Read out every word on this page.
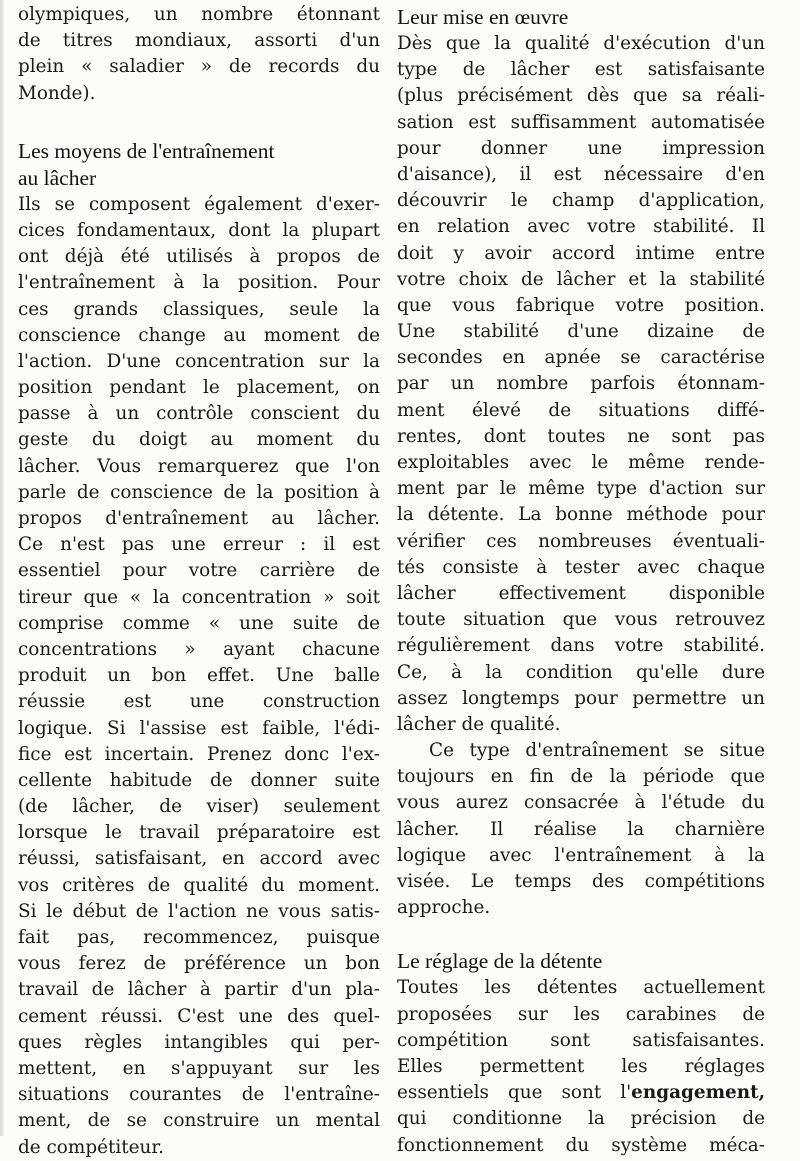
olympiques, un nombre étonnant
de titres mondiaux, assorti d'un
plein « saladier » de records du
Monde).
Les moyens de l'entraînement
au lâcher
Ils se composent également d'exer-
cices fondamentaux, dont la plupart
ont déjà été utilisés à propos de
l'entraînement à la position. Pour
ces grands classiques, seule la
conscience change au moment de
l'action. D'une concentration sur la
position pendant le placement, on
passe à un contrôle conscient du
geste du doigt au moment du
lâcher. Vous remarquerez que l'on
parle de conscience de la position à
propos d'entraînement au lâcher.
Ce n'est pas une erreur : il est
essentiel pour votre carrière de
tireur que « la concentration » soit
comprise comme « une suite de
concentrations » ayant chacune
produit un bon effet. Une balle
réussie est une construction
logique. Si l'assise est faible, l'édi-
fice est incertain. Prenez donc l'ex-
cellente habitude de donner suite
(de lâcher, de viser) seulement
lorsque le travail préparatoire est
réussi, satisfaisant, en accord avec
vos critères de qualité du moment.
Si le début de l'action ne vous satis-
fait pas, recommencez, puisque
vous ferez de préférence un bon
travail de lâcher à partir d'un pla-
cement réussi. C'est une des quel-
ques règles intangibles qui per-
mettent, en s'appuyant sur les
situations courantes de l'entraîne-
ment, de se construire un mental
de compétiteur.
Leur mise en œuvre
Dès que la qualité d'exécution d'un
type de lâcher est satisfaisante
(plus précisément dès que sa réali-
sation est suffisamment automatisée
pour donner une impression
d'aisance), il est nécessaire d'en
découvrir le champ d'application,
en relation avec votre stabilité. Il
doit y avoir accord intime entre
votre choix de lâcher et la stabilité
que vous fabrique votre position.
Une stabilité d'une dizaine de
secondes en apnée se caractérise
par un nombre parfois étonnam-
ment élevé de situations diffé-
rentes, dont toutes ne sont pas
exploitables avec le même rende-
ment par le même type d'action sur
la détente. La bonne méthode pour
vérifier ces nombreuses éventuali-
tés consiste à tester avec chaque
lâcher effectivement disponible
toute situation que vous retrouvez
régulièrement dans votre stabilité.
Ce, à la condition qu'elle dure
assez longtemps pour permettre un
lâcher de qualité.
Ce type d'entraînement se situe
toujours en fin de la période que
vous aurez consacrée à l'étude du
lâcher. Il réalise la charnière
logique avec l'entraînement à la
visée. Le temps des compétitions
approche.
Le réglage de la détente
Toutes les détentes actuellement
proposées sur les carabines de
compétition sont satisfaisantes.
Elles permettent les réglages
essentiels que sont l'engagement,
qui conditionne la précision de
fonctionnement du système méca-
